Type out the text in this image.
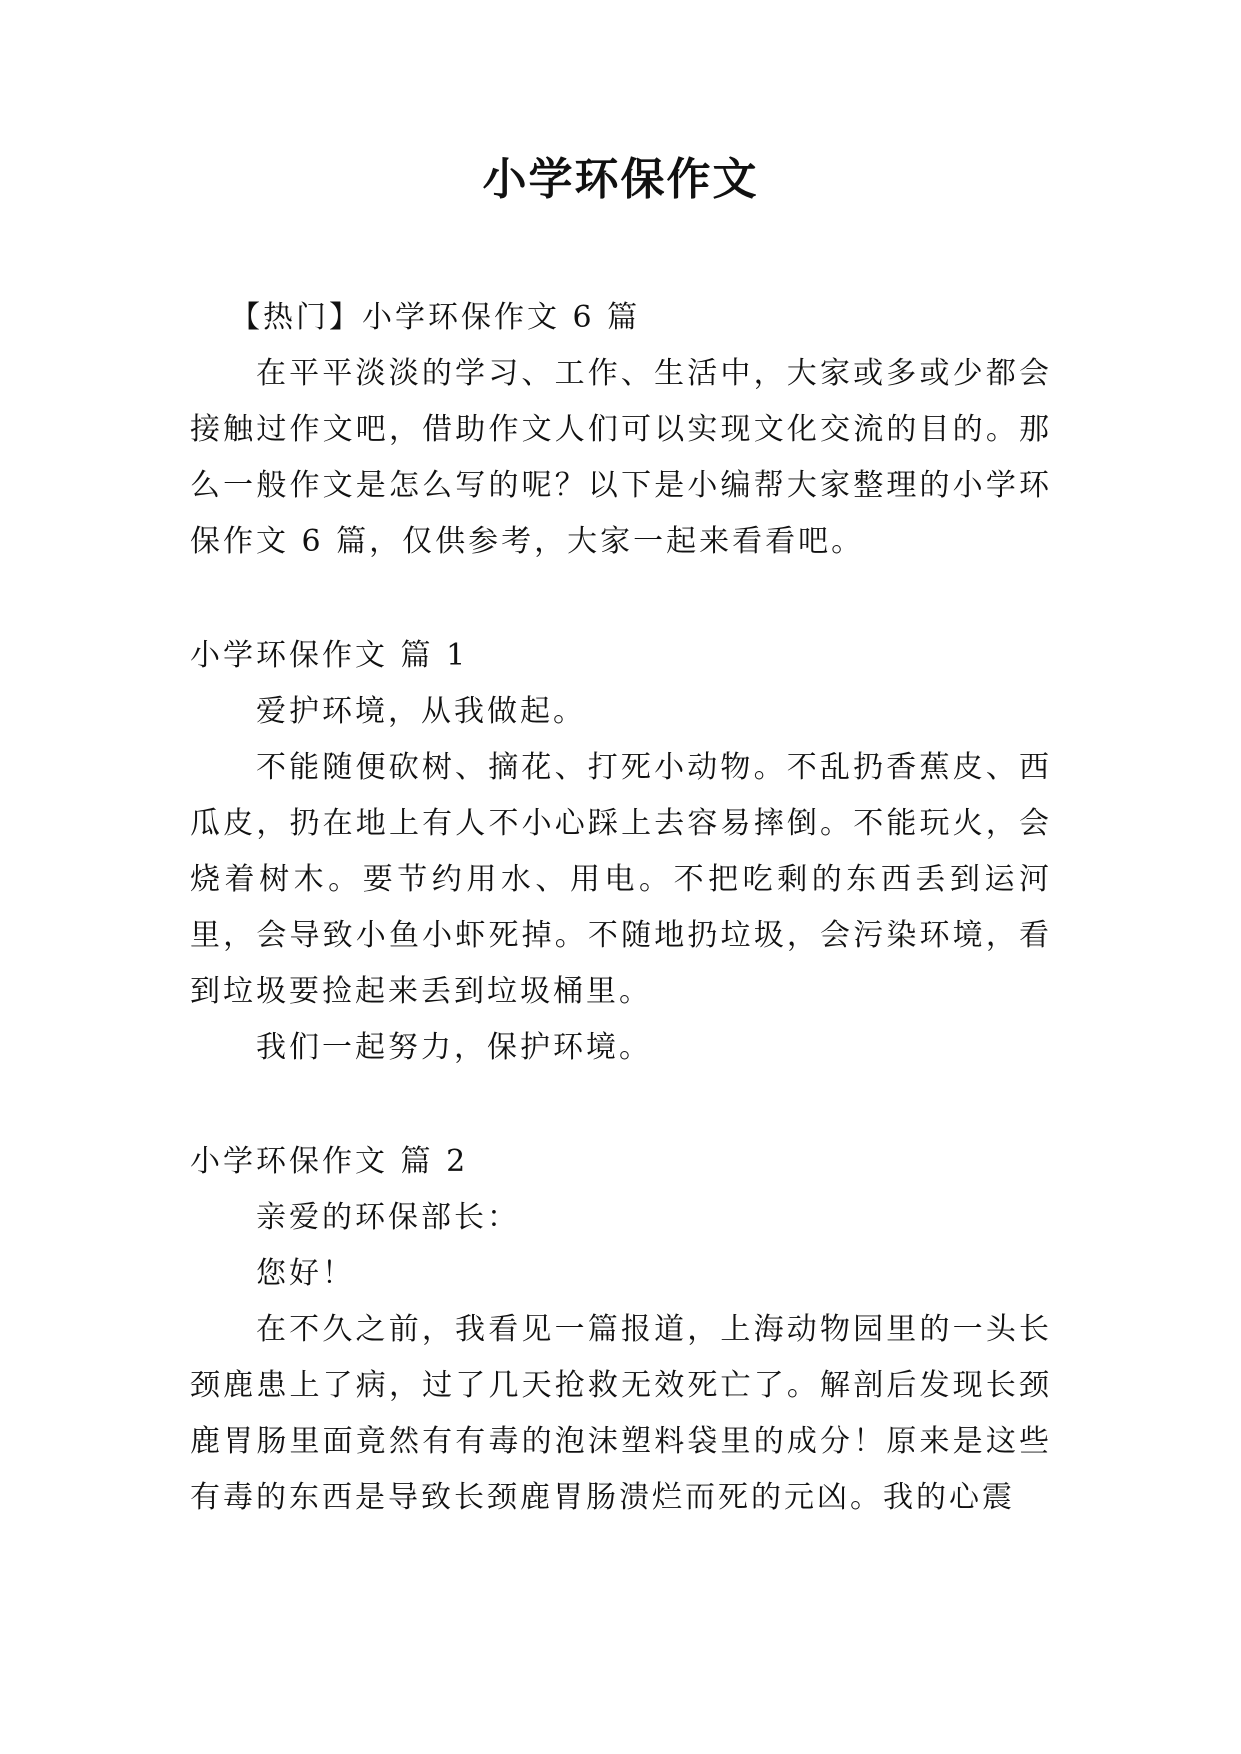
小学环保作文

【热门】小学环保作文 6 篇

在平平淡淡的学习、工作、生活中，大家或多或少都会接触过作文吧，借助作文人们可以实现文化交流的目的。那么一般作文是怎么写的呢？以下是小编帮大家整理的小学环保作文 6 篇，仅供参考，大家一起来看看吧。

小学环保作文 篇 1

爱护环境，从我做起。

不能随便砍树、摘花、打死小动物。不乱扔香蕉皮、西瓜皮，扔在地上有人不小心踩上去容易摔倒。不能玩火，会烧着树木。要节约用水、用电。不把吃剩的东西丢到运河里，会导致小鱼小虾死掉。不随地扔垃圾，会污染环境，看到垃圾要捡起来丢到垃圾桶里。

我们一起努力，保护环境。

小学环保作文 篇 2

亲爱的环保部长：

您好！

在不久之前，我看见一篇报道，上海动物园里的一头长颈鹿患上了病，过了几天抢救无效死亡了。解剖后发现长颈鹿胃肠里面竟然有有毒的泡沫塑料袋里的成分！原来是这些有毒的东西是导致长颈鹿胃肠溃烂而死的元凶。我的心震
